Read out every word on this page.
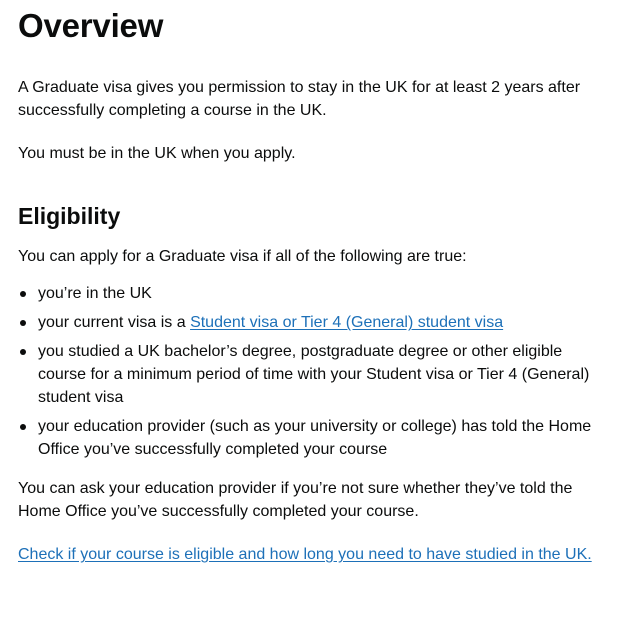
Overview

A Graduate visa gives you permission to stay in the UK for at least 2 years after successfully completing a course in the UK.

You must be in the UK when you apply.

Eligibility

You can apply for a Graduate visa if all of the following are true:

you’re in the UK
your current visa is a Student visa or Tier 4 (General) student visa
you studied a UK bachelor’s degree, postgraduate degree or other eligible course for a minimum period of time with your Student visa or Tier 4 (General) student visa
your education provider (such as your university or college) has told the Home Office you’ve successfully completed your course

You can ask your education provider if you’re not sure whether they’ve told the Home Office you’ve successfully completed your course.

Check if your course is eligible and how long you need to have studied in the UK.
